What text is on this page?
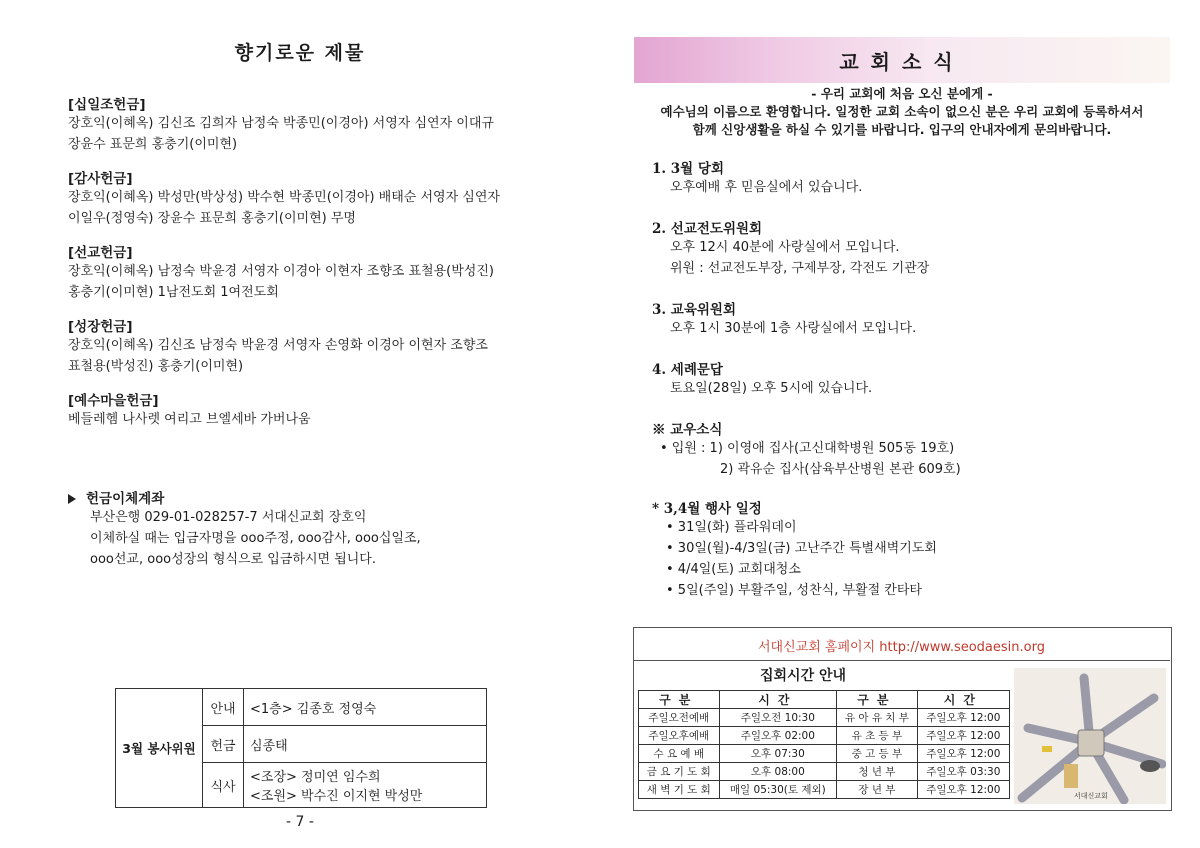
향기로운 제물
[십일조헌금]
장호익(이혜옥) 김신조 김희자 남정숙 박종민(이경아) 서영자 심연자 이대규
장윤수 표문희 홍충기(이미현)
[감사헌금]
장호익(이혜옥) 박성만(박상성) 박수현 박종민(이경아) 배태순 서영자 심연자
이일우(정영숙) 장윤수 표문희 홍충기(이미현) 무명
[선교헌금]
장호익(이혜옥) 남정숙 박윤경 서영자 이경아 이현자 조향조 표철용(박성진)
홍충기(이미현) 1남전도회 1여전도회
[성장헌금]
장호익(이혜옥) 김신조 남정숙 박윤경 서영자 손영화 이경아 이현자 조향조
표철용(박성진) 홍충기(이미현)
[예수마을헌금]
베들레헴 나사렛 여리고 브엘세바 가버나움
헌금이체계좌
부산은행 029-01-028257-7 서대신교회 장호익
이체하실 때는 입금자명을 ooo주정, ooo감사, ooo십일조,
ooo선교, ooo성장의 형식으로 입금하시면 됩니다.
3월 봉사위원	안내	<1층> 김종호 정영숙
	헌금	심종태
	식사	<조장> 정미연 임수희
<조원> 박수진 이지현 박성만
- 7 -
교회소식
- 우리 교회에 처음 오신 분에게 -
예수님의 이름으로 환영합니다. 일정한 교회 소속이 없으신 분은 우리 교회에 등록하셔서
함께 신앙생활을 하실 수 있기를 바랍니다. 입구의 안내자에게 문의바랍니다.
1. 3월 당회
오후예배 후 믿음실에서 있습니다.
2. 선교전도위원회
오후 12시 40분에 사랑실에서 모입니다.
위원 : 선교전도부장, 구제부장, 각전도 기관장
3. 교육위원회
오후 1시 30분에 1층 사랑실에서 모입니다.
4. 세례문답
토요일(28일) 오후 5시에 있습니다.
※ 교우소식
• 입원 : 1) 이영애 집사(고신대학병원 505동 19호)
2) 곽유순 집사(삼육부산병원 본관 609호)
* 3,4월 행사 일정
• 31일(화) 플라워데이
• 30일(월)-4/3일(금) 고난주간 특별새벽기도회
• 4/4일(토) 교회대청소
• 5일(주일) 부활주일, 성찬식, 부활절 칸타타
서대신교회 홈페이지 http://www.seodaesin.org
집회시간 안내
구분	시간	구분	시간
주일오전예배	주일오전 10:30	유 아 유 치 부	주일오후 12:00
주일오후예배	주일오후 02:00	유 초 등 부	주일오후 12:00
수 요 예 배	오후 07:30	중 고 등 부	주일오후 12:00
금 요 기 도 회	오후 08:00	청 년 부	주일오후 03:30
새 벽 기 도 회	매일 05:30(토 제외)	장 년 부	주일오후 12:00	서대신교회
